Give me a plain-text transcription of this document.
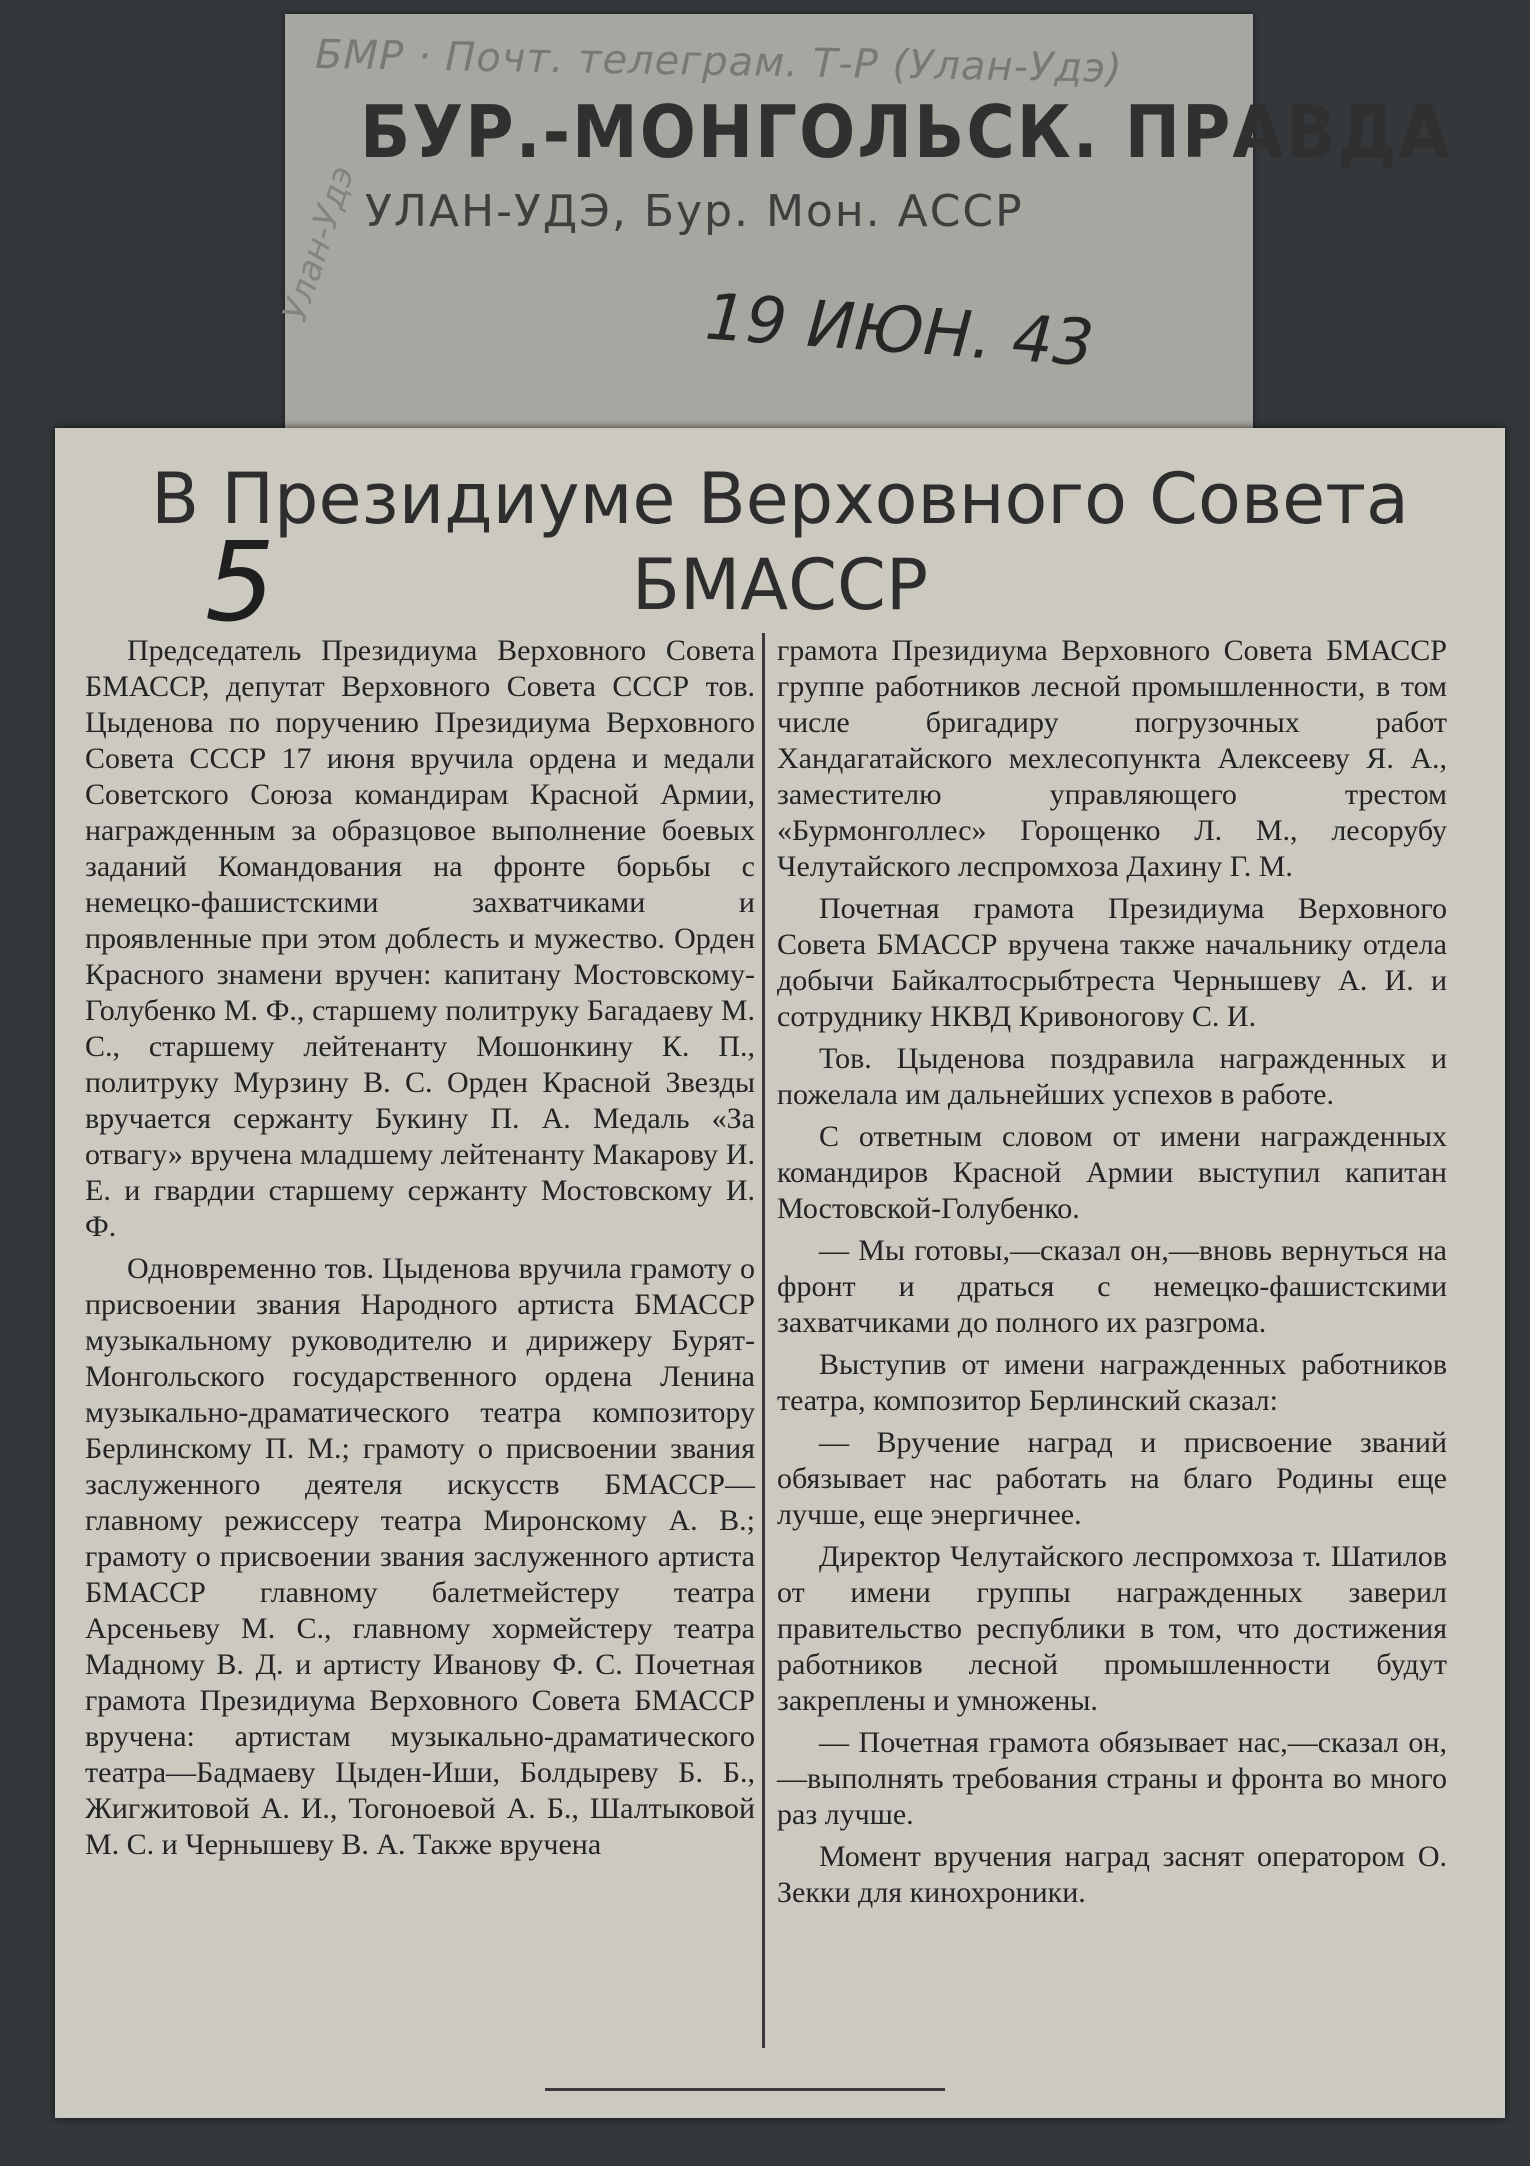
БМР · Почт. телеграм. Т-Р (Улан-Удэ)
Улан-Удэ
БУР.-МОНГОЛЬСК. ПРАВДА
УЛАН-УДЭ, Бур. Мон. АССР
19 ИЮН. 43
В Президиуме Верховного Совета
БМАССР
5

Председатель Президиума Верховного Совета БМАССР, депутат Верховного Совета СССР тов. Цыденова по поручению Президиума Верховного Совета СССР 17 июня вручила ордена и медали Советского Союза командирам Красной Армии, награжденным за образцовое выполнение боевых заданий Командования на фронте борьбы с немецко-фашистскими захватчиками и проявленные при этом доблесть и мужество. Орден Красного знамени вручен: капитану Мостовскому-Голубенко М. Ф., старшему политруку Багадаеву М. С., старшему лейтенанту Мошонкину К. П., политруку Мурзину В. С. Орден Красной Звезды вручается сержанту Букину П. А. Медаль «За отвагу» вручена младшему лейтенанту Макарову И. Е. и гвардии старшему сержанту Мостовскому И. Ф.

Одновременно тов. Цыденова вручила грамоту о присвоении звания Народного артиста БМАССР музыкальному руководителю и дирижеру Бурят-Монгольского государственного ордена Ленина музыкально-драматического театра композитору Берлинскому П. М.; грамоту о присвоении звания заслуженного деятеля искусств БМАССР—главному режиссеру театра Миронскому А. В.; грамоту о присвоении звания заслуженного артиста БМАССР главному балетмейстеру театра Арсеньеву М. С., главному хормейстеру театра Мадному В. Д. и артисту Иванову Ф. С. Почетная грамота Президиума Верховного Совета БМАССР вручена: артистам музыкально-драматического театра—Бадмаеву Цыден-Иши, Болдыреву Б. Б., Жигжитовой А. И., Тогоноевой А. Б., Шалтыковой М. С. и Чернышеву В. А. Также вручена

грамота Президиума Верховного Совета БМАССР группе работников лесной промышленности, в том числе бригадиру погрузочных работ Хандагатайского мехлесопункта Алексееву Я. А., заместителю управляющего трестом «Бурмонголлес» Горощенко Л. М., лесорубу Челутайского леспромхоза Дахину Г. М.

Почетная грамота Президиума Верховного Совета БМАССР вручена также начальнику отдела добычи Байкалтосрыбтреста Чернышеву А. И. и сотруднику НКВД Кривоногову С. И.

Тов. Цыденова поздравила награжденных и пожелала им дальнейших успехов в работе.

С ответным словом от имени награжденных командиров Красной Армии выступил капитан Мостовской-Голубенко.

— Мы готовы,—сказал он,—вновь вернуться на фронт и драться с немецко-фашистскими захватчиками до полного их разгрома.

Выступив от имени награжденных работников театра, композитор Берлинский сказал:

— Вручение наград и присвоение званий обязывает нас работать на благо Родины еще лучше, еще энергичнее.

Директор Челутайского леспромхоза т. Шатилов от имени группы награжденных заверил правительство республики в том, что достижения работников лесной промышленности будут закреплены и умножены.

— Почетная грамота обязывает нас,—сказал он,—выполнять требования страны и фронта во много раз лучше.

Момент вручения наград заснят оператором О. Зекки для кинохроники.
